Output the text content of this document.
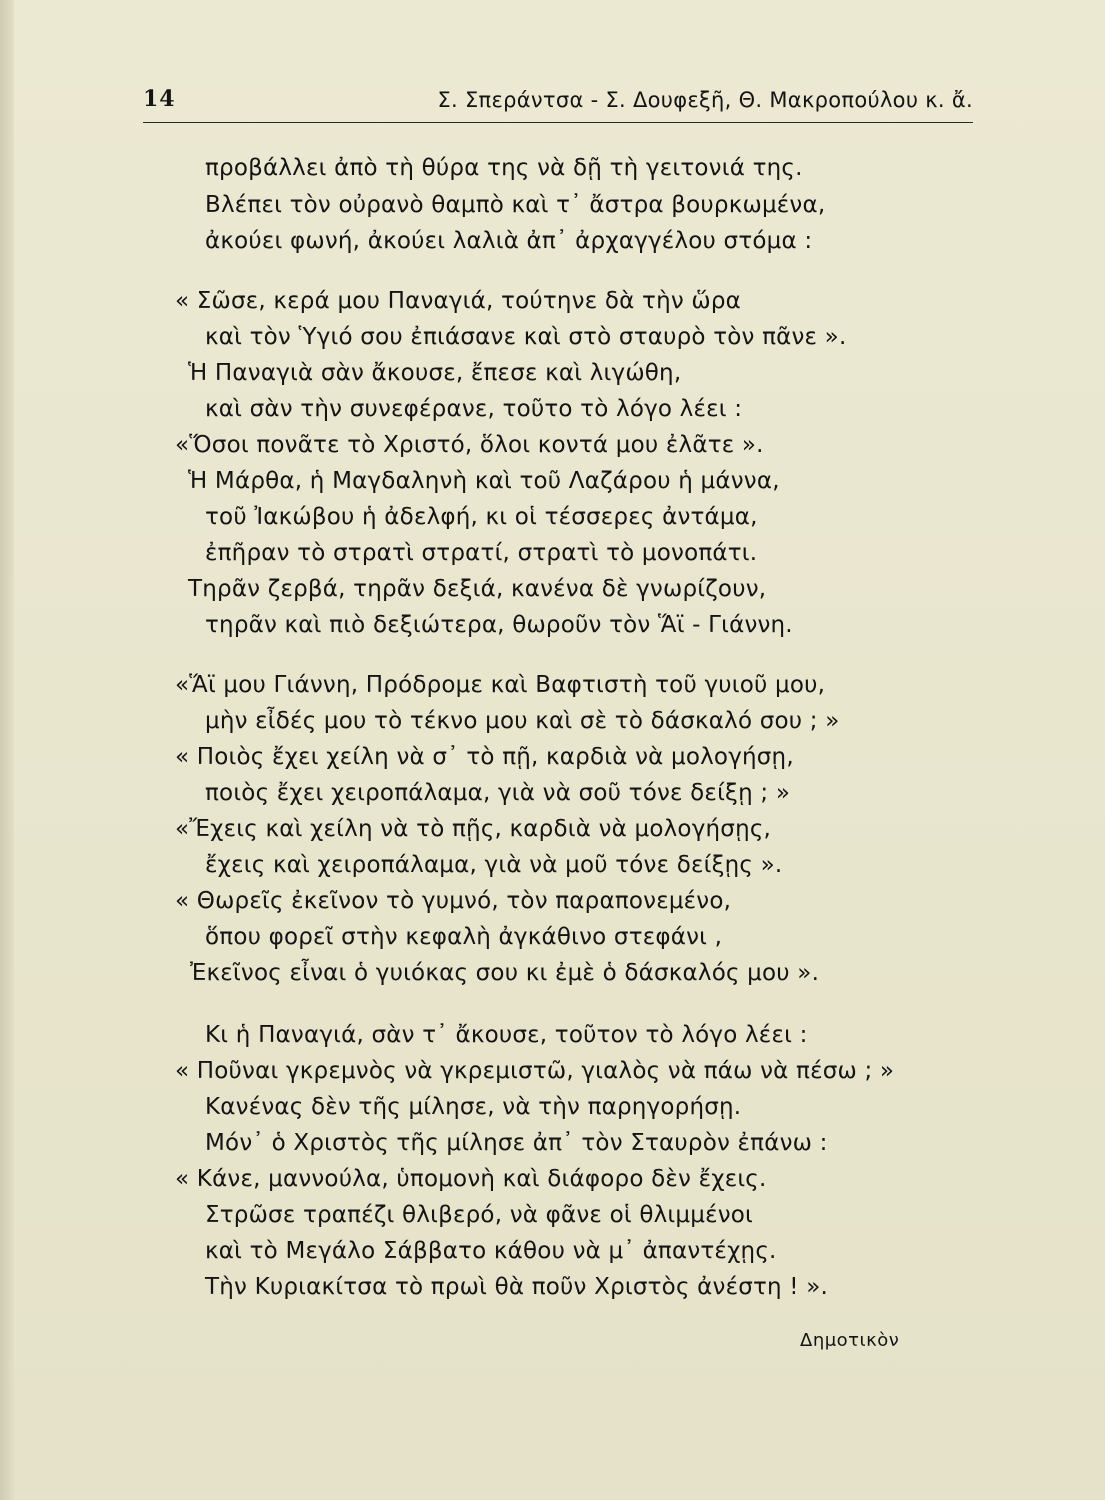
14	Σ. Σπεράντσα - Σ. Δουφεξῆ, Θ. Μακροπούλου κ. ἄ.
προβάλλει ἀπὸ τὴ θύρα της νὰ δῇ τὴ γειτονιά της.
Βλέπει τὸν οὐρανὸ θαμπὸ καὶ τ᾿ ἄστρα βουρκωμένα,
ἀκούει φωνή, ἀκούει λαλιὰ ἀπ᾿ ἀρχαγγέλου στόμα :
« Σῶσε, κερά μου Παναγιά, τούτηνε δὰ τὴν ὥρα
καὶ τὸν Ὑγιό σου ἐπιάσανε καὶ στὸ σταυρὸ τὸν πᾶνε ».
Ἡ Παναγιὰ σὰν ἄκουσε, ἔπεσε καὶ λιγώθη,
καὶ σὰν τὴν συνεφέρανε, τοῦτο τὸ λόγο λέει :
«Ὅσοι πονᾶτε τὸ Χριστό, ὅλοι κοντά μου ἐλᾶτε ».
Ἡ Μάρθα, ἡ Μαγδαληνὴ καὶ τοῦ Λαζάρου ἡ μάννα,
τοῦ Ἰακώβου ἡ ἀδελφή, κι οἱ τέσσερες ἀντάμα,
ἐπῆραν τὸ στρατὶ στρατί, στρατὶ τὸ μονοπάτι.
Τηρᾶν ζερβά, τηρᾶν δεξιά, κανένα δὲ γνωρίζουν,
τηρᾶν καὶ πιὸ δεξιώτερα, θωροῦν τὸν Ἅϊ - Γιάννη.
«Ἅϊ μου Γιάννη, Πρόδρομε καὶ Βαφτιστὴ τοῦ γυιοῦ μου,
μὴν εἶδές μου τὸ τέκνο μου καὶ σὲ τὸ δάσκαλό σου ; »
« Ποιὸς ἔχει χείλη νὰ σ᾿ τὸ πῇ, καρδιὰ νὰ μολογήσῃ,
ποιὸς ἔχει χειροπάλαμα, γιὰ νὰ σοῦ τόνε δείξῃ ; »
«Ἔχεις καὶ χείλη νὰ τὸ πῇς, καρδιὰ νὰ μολογήσῃς,
ἔχεις καὶ χειροπάλαμα, γιὰ νὰ μοῦ τόνε δείξῃς ».
« Θωρεῖς ἐκεῖνον τὸ γυμνό, τὸν παραπονεμένο,
ὅπου φορεῖ στὴν κεφαλὴ ἀγκάθινο στεφάνι ,
Ἐκεῖνος εἶναι ὁ γυιόκας σου κι ἐμὲ ὁ δάσκαλός μου ».
Κι ἡ Παναγιά, σὰν τ᾿ ἄκουσε, τοῦτον τὸ λόγο λέει :
« Ποῦναι γκρεμνὸς νὰ γκρεμιστῶ, γιαλὸς νὰ πάω νὰ πέσω ; »
Κανένας δὲν τῆς μίλησε, νὰ τὴν παρηγορήσῃ.
Μόν᾿ ὁ Χριστὸς τῆς μίλησε ἀπ᾿ τὸν Σταυρὸν ἐπάνω :
« Κάνε, μαννούλα, ὑπομονὴ καὶ διάφορο δὲν ἔχεις.
Στρῶσε τραπέζι θλιβερό, νὰ φᾶνε οἱ θλιμμένοι
καὶ τὸ Μεγάλο Σάββατο κάθου νὰ μ᾿ ἀπαντέχῃς.
Τὴν Κυριακίτσα τὸ πρωὶ θὰ ποῦν Χριστὸς ἀνέστη ! ».
Δημοτικὸν
